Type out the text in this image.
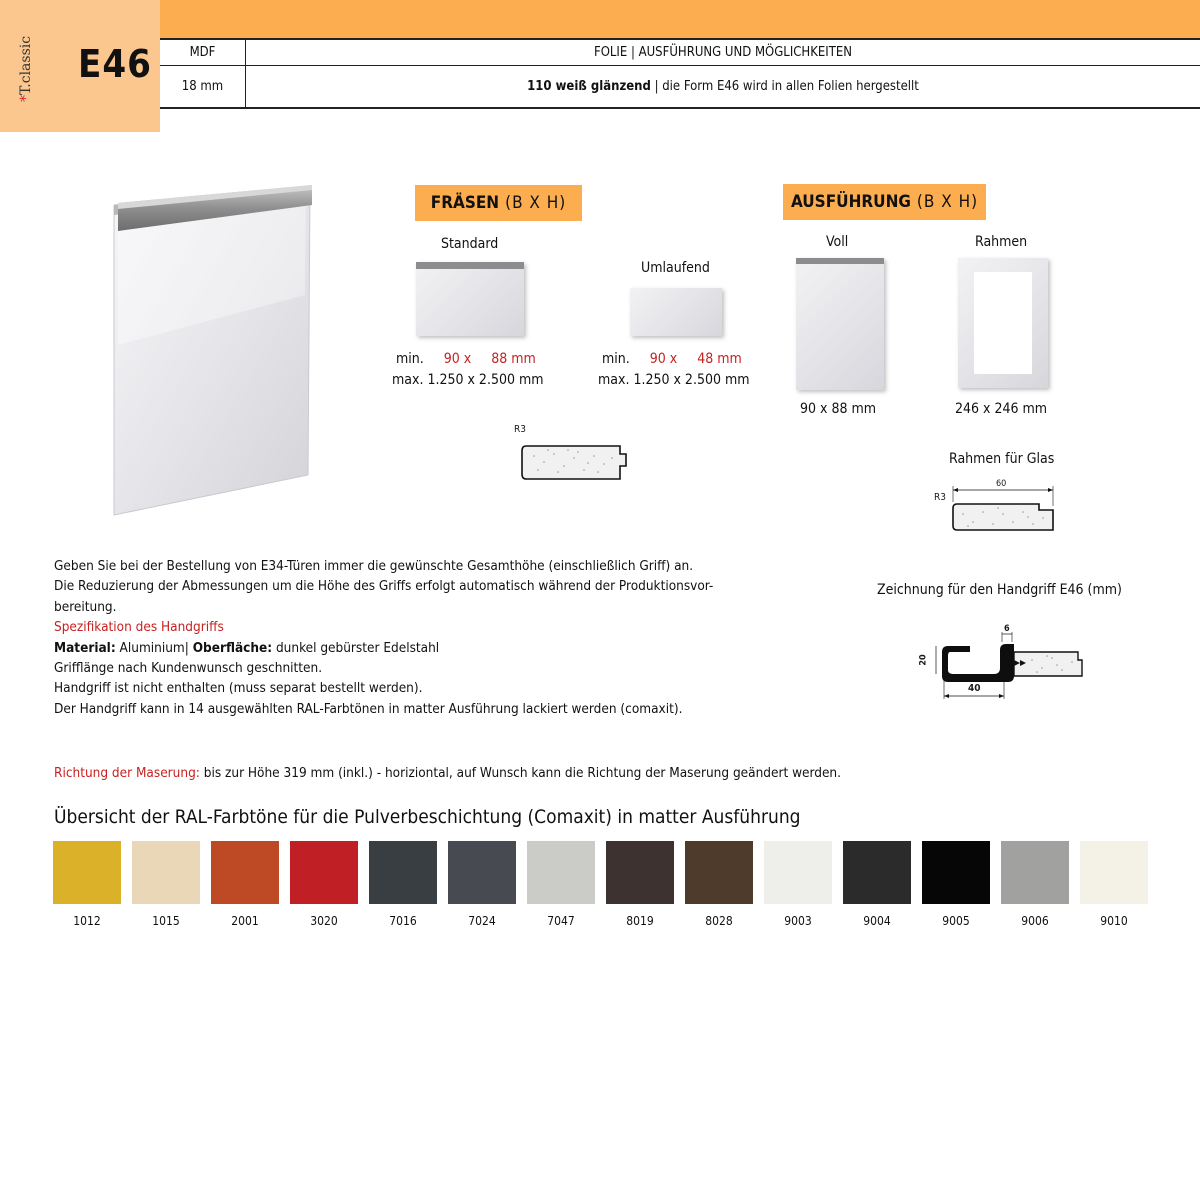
*T.classic E46	MDF	FOLIE | AUSFÜHRUNG UND MÖGLICHKEITEN
18 mm	110 weiß glänzend | die Form E46 wird in allen Folien hergestellt
FRÄSEN (B X H)
Standard
min. 90 x 88 mm
max. 1.250 x 2.500 mm
Umlaufend
min. 90 x 48 mm
max. 1.250 x 2.500 mm
R3
AUSFÜHRUNG (B X H)
Voll
90 x 88 mm
Rahmen
246 x 246 mm
Rahmen für Glas
R3
60
Zeichnung für den Handgriff E46 (mm)
6
20
40
Geben Sie bei der Bestellung von E34-Türen immer die gewünschte Gesamthöhe (einschließlich Griff) an.
Die Reduzierung der Abmessungen um die Höhe des Griffs erfolgt automatisch während der Produktionsvor-
bereitung.
Spezifikation des Handgriffs
Material: Aluminium| Oberfläche: dunkel gebürster Edelstahl
Grifflänge nach Kundenwunsch geschnitten.
Handgriff ist nicht enthalten (muss separat bestellt werden).
Der Handgriff kann in 14 ausgewählten RAL-Farbtönen in matter Ausführung lackiert werden (comaxit).
Richtung der Maserung: bis zur Höhe 319 mm (inkl.) - horiziontal, auf Wunsch kann die Richtung der Maserung geändert werden.
Übersicht der RAL-Farbtöne für die Pulverbeschichtung (Comaxit) in matter Ausführung
1012	1015	2001	3020	7016	7024	7047	8019	8028	9003	9004	9005	9006	9010
